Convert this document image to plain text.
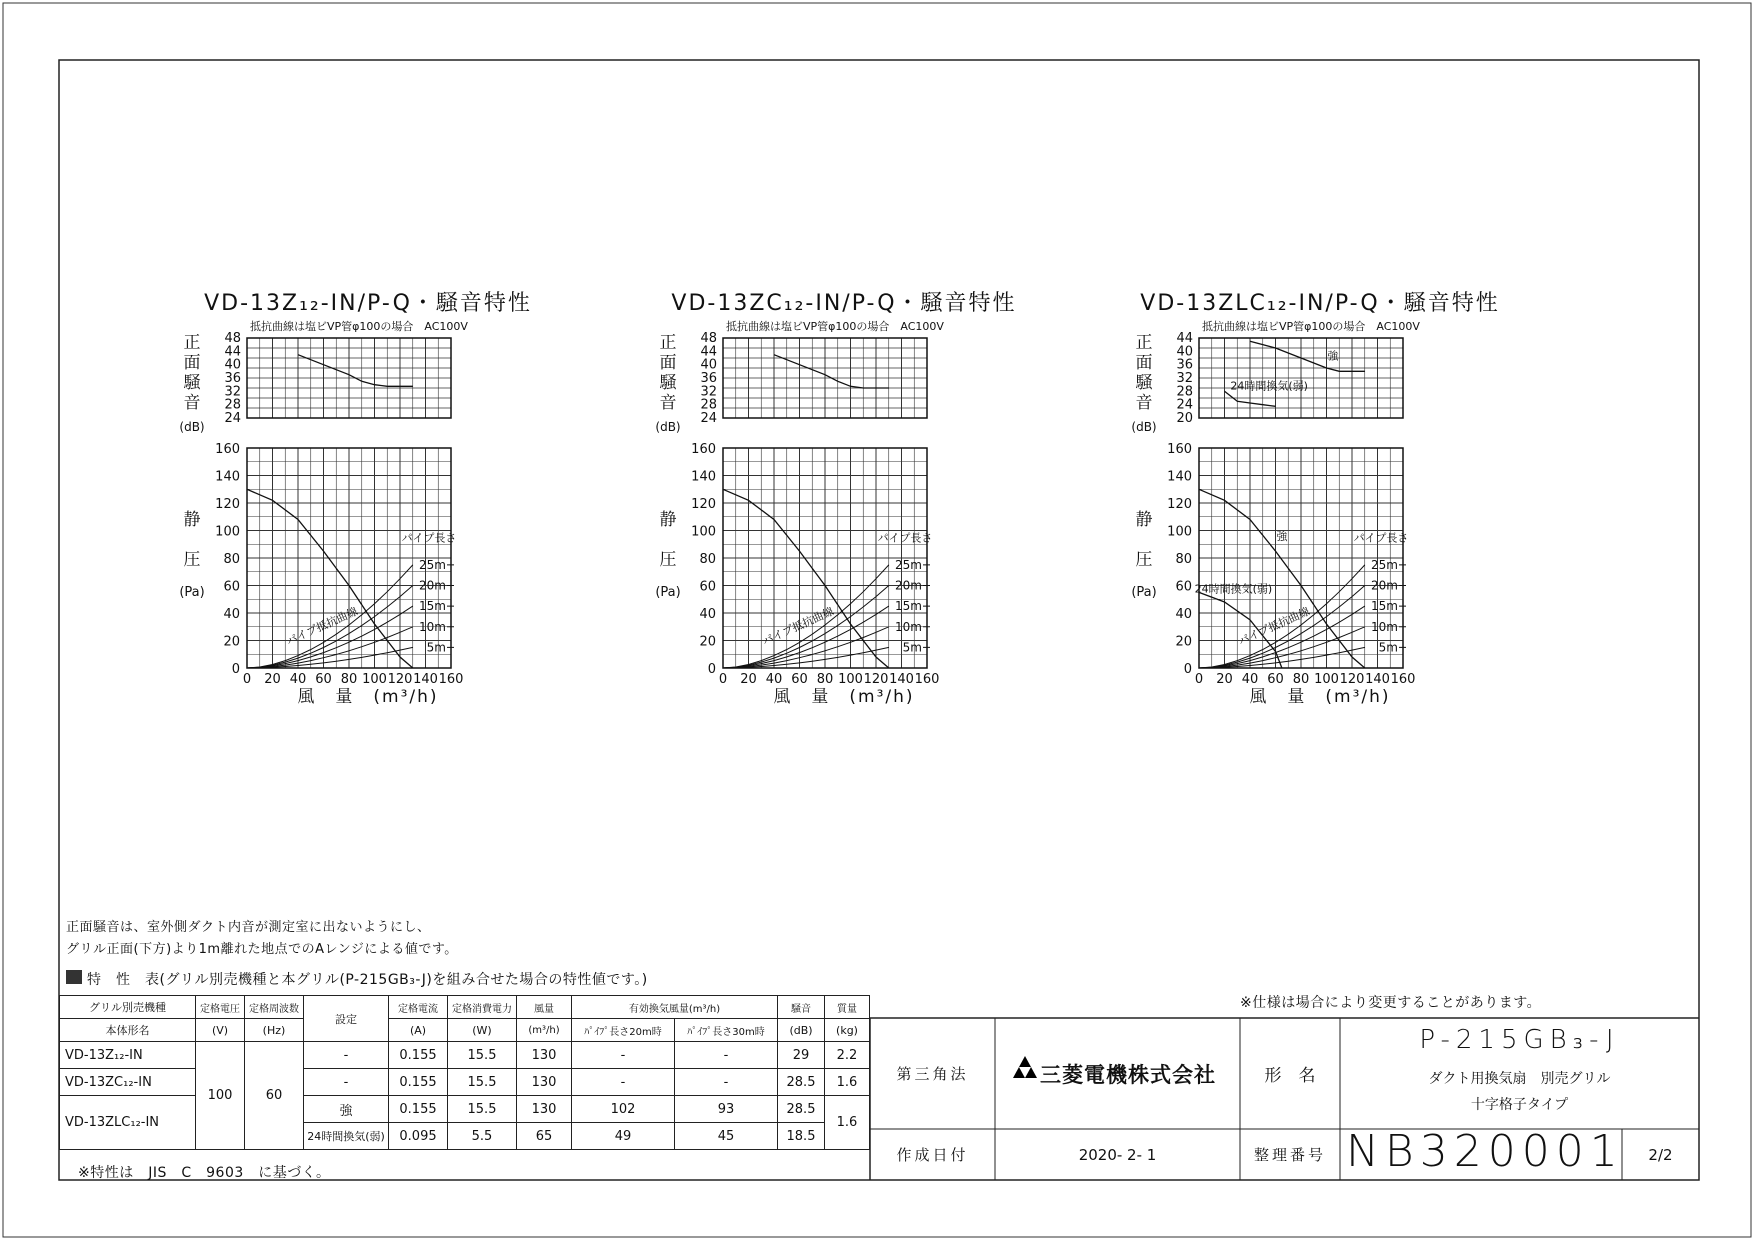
VD-13Z₁₂-IN/P-Q・騒音特性
抵抗曲線は塩ビVP管φ100の場合　AC100V
48
44
40
36
32
28
24
正
面
騒
音
(dB)
160
140
120
100
80
60
40
20
0
0 20 40 60 80 100 120 140 160
静
圧
(Pa)
風　量　(m³/h)
25m
20m
15m
10m
5m
パイプ長さ
パイプ抵抗曲線
VD-13ZC₁₂-IN/P-Q・騒音特性
抵抗曲線は塩ビVP管φ100の場合　AC100V
48
44
40
36
32
28
24
正
面
騒
音
(dB)
160
140
120
100
80
60
40
20
0
0 20 40 60 80 100 120 140 160
静
圧
(Pa)
風　量　(m³/h)
25m
20m
15m
10m
5m
パイプ長さ
パイプ抵抗曲線
VD-13ZLC₁₂-IN/P-Q・騒音特性
抵抗曲線は塩ビVP管φ100の場合　AC100V
44
40
36
32
28
24
20
正
面
騒
音
(dB)
160
140
120
100
80
60
40
20
0
0 20 40 60 80 100 120 140 160
静
圧
(Pa)
風　量　(m³/h)
25m
20m
15m
10m
5m
パイプ長さ
パイプ抵抗曲線
強
24時間換気(弱)
強
24時間換気(弱)
正面騒音は、室外側ダクト内音が測定室に出ないようにし、
グリル正面(下方)より1m離れた地点でのAレンジによる値です。
特　性　表(グリル別売機種と本グリル(P-215GB₃-J)を組み合せた場合の特性値です。)
※仕様は場合により変更することがあります。
グリル別売機種	定格電圧	定格周波数	設定	定格電流	定格消費電力	風量	有効換気風量(m³/h)		騒音	質量
本体形名	(V)	(Hz)		(A)	(W)	(m³/h)	ﾊﾟｲﾌﾟ長さ20m時	ﾊﾟｲﾌﾟ長さ30m時	(dB)	(kg)
VD-13Z₁₂-IN	100	60	-	0.155	15.5	130	-	-	29	2.2
VD-13ZC₁₂-IN			-	0.155	15.5	130	-	-	28.5	1.6
VD-13ZLC₁₂-IN			強	0.155	15.5	130	102	93	28.5	1.6
			24時間換気(弱)	0.095	5.5	65	49	45	18.5	
※特性は　JIS　C　9603　に基づく。
第三角法	三菱電機株式会社	形　名
P-215GB₃-J
ダクト用換気扇　別売グリル
十字格子タイプ
作成日付	2020- 2- 1	整理番号 NB320001	2/2
